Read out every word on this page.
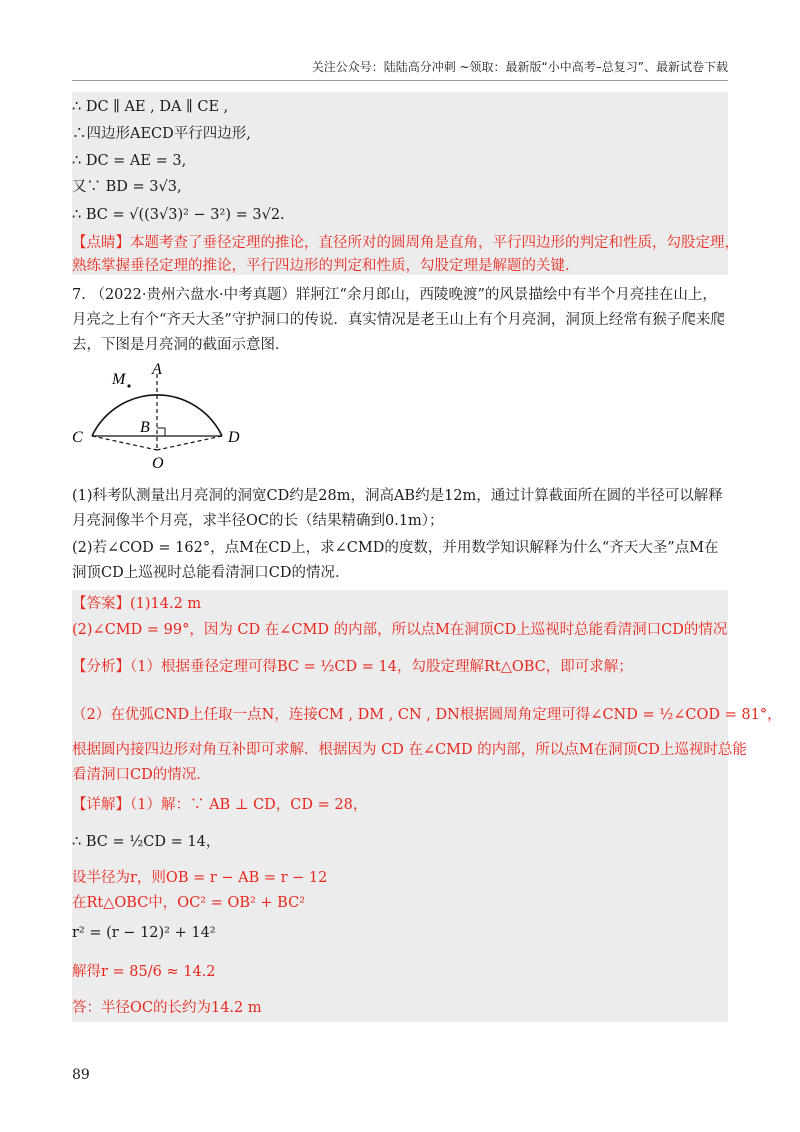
关注公众号：陆陆高分冲刺 ~领取：最新版“小中高考–总复习”、最新试卷下载
∴ DC ∥ AE , DA ∥ CE ,
∴四边形AECD平行四边形,
∴ DC = AE = 3,
又∵ BD = 3√3,
∴ BC = √((3√3)² − 3²) = 3√2.
【点睛】本题考查了垂径定理的推论，直径所对的圆周角是直角，平行四边形的判定和性质，勾股定理，
熟练掌握垂径定理的推论，平行四边形的判定和性质，勾股定理是解题的关键.
7. （2022·贵州六盘水·中考真题）牂牁江“余月郎山，西陵晚渡”的风景描绘中有半个月亮挂在山上，月亮之上有个“齐天大圣”守护洞口的传说．真实情况是老王山上有个月亮洞，洞顶上经常有猴子爬来爬去，下图是月亮洞的截面示意图．
M
A
B
C	D
O
(1)科考队测量出月亮洞的洞宽CD约是28m，洞高AB约是12m，通过计算截面所在圆的半径可以解释月亮洞像半个月亮，求半径OC的长（结果精确到0.1m）；
(2)若∠COD = 162°，点M在CD上，求∠CMD的度数，并用数学知识解释为什么“齐天大圣”点M在洞顶CD上巡视时总能看清洞口CD的情况．
【答案】(1)14.2 m
(2)∠CMD = 99°，因为 CD 在∠CMD 的内部，所以点M在洞顶CD上巡视时总能看清洞口CD的情况
【分析】（1）根据垂径定理可得BC = ½CD = 14，勾股定理解Rt△OBC，即可求解；
（2）在优弧CND上任取一点N，连接CM , DM , CN , DN根据圆周角定理可得∠CND = ½∠COD = 81°，
根据圆内接四边形对角互补即可求解．根据因为 CD 在∠CMD 的内部，所以点M在洞顶CD上巡视时总能
看清洞口CD的情况．
【详解】（1）解：∵ AB ⊥ CD，CD = 28，
∴ BC = ½CD = 14，
设半径为r，则OB = r − AB = r − 12
在Rt△OBC中，OC² = OB² + BC²
r² = (r − 12)² + 14²
解得r = 85/6 ≈ 14.2
答：半径OC的长约为14.2 m
89
